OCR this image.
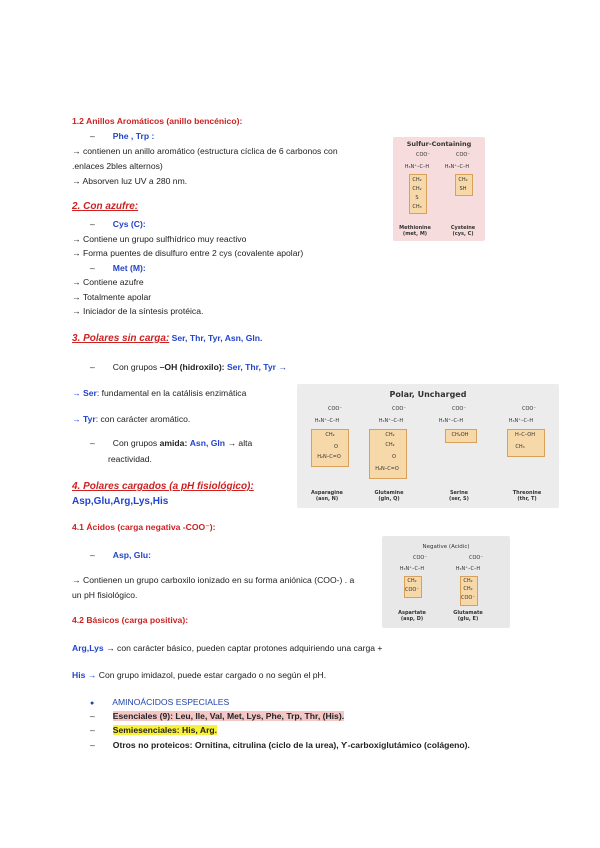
1.2 Anillos Aromáticos (anillo bencénico):
– Phe , Trp :
→ contienen un anillo aromático (estructura cíclica de 6 carbonos con
.enlaces 2bles alternos)
→ Absorven luz UV a 280 nm.
2. Con azufre:
– Cys (C):
→ Contiene un grupo sulfhídrico muy reactivo
→ Forma puentes de disulfuro entre 2 cys (covalente apolar)
– Met (M):
→ Contiene azufre
→ Totalmente apolar
→ Iniciador de la síntesis protéica.
Sulfur-Containing
COO⁻
H₃N⁺–C–H
CH₂
CH₂
S
CH₃
COO⁻
H₃N⁺–C–H
CH₂
SH
Methionine
(met, M)
Cysteine
(cys, C)
3. Polares sin carga: Ser, Thr, Tyr, Asn, Gln.
– Con grupos –OH (hidroxilo): Ser, Thr, Tyr →
→ Ser: fundamental en la catálisis enzimática
→ Tyr: con carácter aromático.
– Con grupos amida: Asn, Gln → alta
reactividad.
Polar, Uncharged
COO⁻
H₃N⁺–C–H
CH₂
O
H₂N–C=O
COO⁻
H₃N⁺–C–H
CH₂
CH₂
O
H₂N–C=O
COO⁻
H₃N⁺–C–H
CH₂OH
COO⁻
H₃N⁺–C–H
H–C–OH
CH₃
Asparagine
(asn, N)
Glutamine
(gln, Q)
Serine
(ser, S)
Threonine
(thr, T)
4. Polares cargados (a pH fisiológico):
Asp,Glu,Arg,Lys,His
4.1 Ácidos (carga negativa -COO⁻):
– Asp, Glu:
→ Contienen un grupo carboxilo ionizado en su forma aniónica (COO-) . a
un pH fisiológico.
Negative (Acidic)
COO⁻
H₃N⁺–C–H
CH₂
COO⁻
COO⁻
H₃N⁺–C–H
CH₂
CH₂
COO⁻
Aspartate
(asp, D)
Glutamate
(glu, E)
4.2 Básicos (carga positiva):
Arg,Lys → con carácter básico, pueden captar protones adquiriendo una carga +
His → Con grupo imidazol, puede estar cargado o no según el pH.
● AMINOÁCIDOS ESPECIALES
– Esenciales (9): Leu, Ile, Val, Met, Lys, Phe, Trp, Thr, (His).
– Semiesenciales: His, Arg.
– Otros no proteicos: Ornitina, citrulina (ciclo de la urea), Ƴ-carboxiglutámico (colágeno).
